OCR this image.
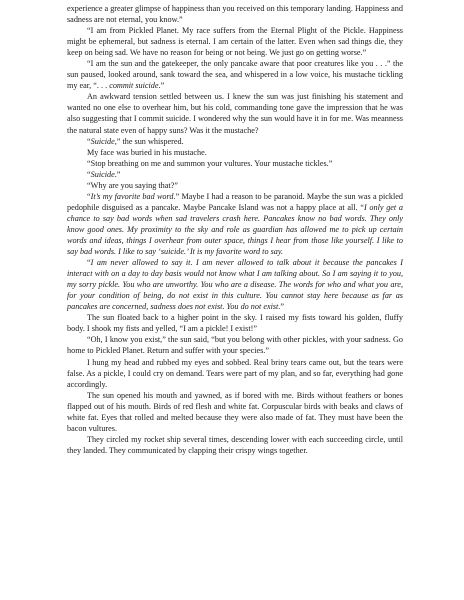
experience a greater glimpse of happiness than you received on this temporary landing. Happiness and sadness are not eternal, you know.”

“I am from Pickled Planet. My race suffers from the Eternal Plight of the Pickle. Happiness might be ephemeral, but sadness is eternal. I am certain of the latter. Even when sad things die, they keep on being sad. We have no reason for being or not being. We just go on getting worse.”

“I am the sun and the gatekeeper, the only pancake aware that poor creatures like you . . .” the sun paused, looked around, sank toward the sea, and whispered in a low voice, his mustache tickling my ear, “. . . commit suicide.”

An awkward tension settled between us. I knew the sun was just finishing his statement and wanted no one else to overhear him, but his cold, commanding tone gave the impression that he was also suggesting that I commit suicide. I wondered why the sun would have it in for me. Was meanness the natural state even of happy suns? Was it the mustache?

“Suicide,” the sun whispered.

My face was buried in his mustache.

“Stop breathing on me and summon your vultures. Your mustache tickles.”

“Suicide.”

“Why are you saying that?”

“It’s my favorite bad word.” Maybe I had a reason to be paranoid. Maybe the sun was a pickled pedophile disguised as a pancake. Maybe Pancake Island was not a happy place at all. “I only get a chance to say bad words when sad travelers crash here. Pancakes know no bad words. They only know good ones. My proximity to the sky and role as guardian has allowed me to pick up certain words and ideas, things I overhear from outer space, things I hear from those like yourself. I like to say bad words. I like to say ‘suicide.’ It is my favorite word to say.

“I am never allowed to say it. I am never allowed to talk about it because the pancakes I interact with on a day to day basis would not know what I am talking about. So I am saying it to you, my sorry pickle. You who are unworthy. You who are a disease. The words for who and what you are, for your condition of being, do not exist in this culture. You cannot stay here because as far as pancakes are concerned, sadness does not exist. You do not exist.”

The sun floated back to a higher point in the sky. I raised my fists toward his golden, fluffy body. I shook my fists and yelled, “I am a pickle! I exist!”

“Oh, I know you exist,” the sun said, “but you belong with other pickles, with your sadness. Go home to Pickled Planet. Return and suffer with your species.”

I hung my head and rubbed my eyes and sobbed. Real briny tears came out, but the tears were false. As a pickle, I could cry on demand. Tears were part of my plan, and so far, everything had gone accordingly.

The sun opened his mouth and yawned, as if bored with me. Birds without feathers or bones flapped out of his mouth. Birds of red flesh and white fat. Corpuscular birds with beaks and claws of white fat. Eyes that rolled and melted because they were also made of fat. They must have been the bacon vultures.

They circled my rocket ship several times, descending lower with each succeeding circle, until they landed. They communicated by clapping their crispy wings together.
